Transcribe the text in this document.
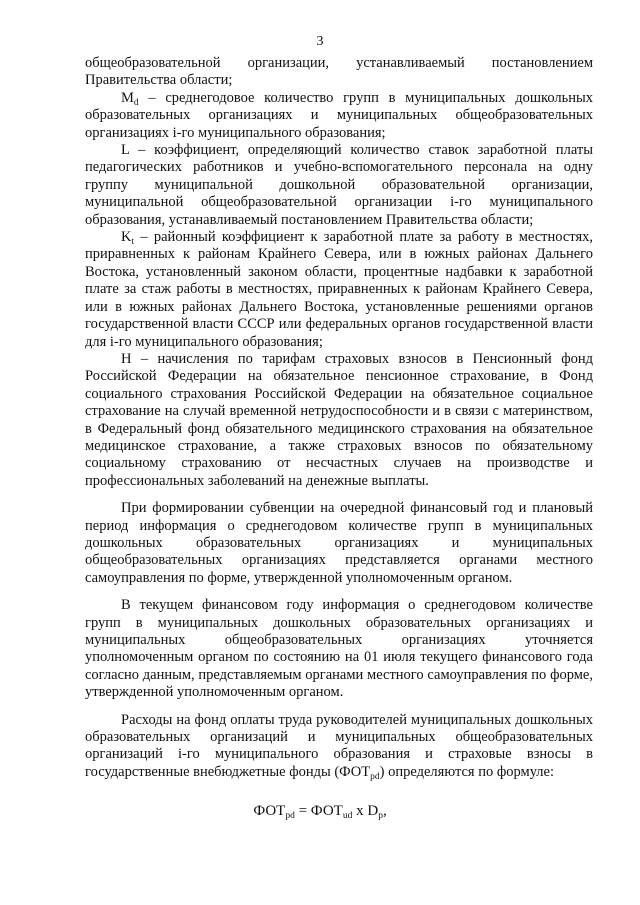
3

общеобразовательной организации, устанавливаемый постановлением Правительства области;

$M_d$ – среднегодовое количество групп в муниципальных дошкольных образовательных организациях и муниципальных общеобразовательных организациях i-го муниципального образования;

L – коэффициент, определяющий количество ставок заработной платы педагогических работников и учебно-вспомогательного персонала на одну группу муниципальной дошкольной образовательной организации, муниципальной общеобразовательной организации i-го муниципального образования, устанавливаемый постановлением Правительства области;

$K_t$ – районный коэффициент к заработной плате за работу в местностях, приравненных к районам Крайнего Севера, или в южных районах Дальнего Востока, установленный законом области, процентные надбавки к заработной плате за стаж работы в местностях, приравненных к районам Крайнего Севера, или в южных районах Дальнего Востока, установленные решениями органов государственной власти СССР или федеральных органов государственной власти для i-го муниципального образования;

Н – начисления по тарифам страховых взносов в Пенсионный фонд Российской Федерации на обязательное пенсионное страхование, в Фонд социального страхования Российской Федерации на обязательное социальное страхование на случай временной нетрудоспособности и в связи с материнством, в Федеральный фонд обязательного медицинского страхования на обязательное медицинское страхование, а также страховых взносов по обязательному социальному страхованию от несчастных случаев на производстве и профессиональных заболеваний на денежные выплаты.

При формировании субвенции на очередной финансовый год и плановый период информация о среднегодовом количестве групп в муниципальных дошкольных образовательных организациях и муниципальных общеобразовательных организациях представляется органами местного самоуправления по форме, утвержденной уполномоченным органом.

В текущем финансовом году информация о среднегодовом количестве групп в муниципальных дошкольных образовательных организациях и муниципальных общеобразовательных организациях уточняется уполномоченным органом по состоянию на 01 июля текущего финансового года согласно данным, представляемым органами местного самоуправления по форме, утвержденной уполномоченным органом.

Расходы на фонд оплаты труда руководителей муниципальных дошкольных образовательных организаций и муниципальных общеобразовательных организаций i-го муниципального образования и страховые взносы в государственные внебюджетные фонды $(ФОТ_{pd})$ определяются по формуле:

$ФОТ_{pd} = ФОТ_{ud}$ x $D_p$,
